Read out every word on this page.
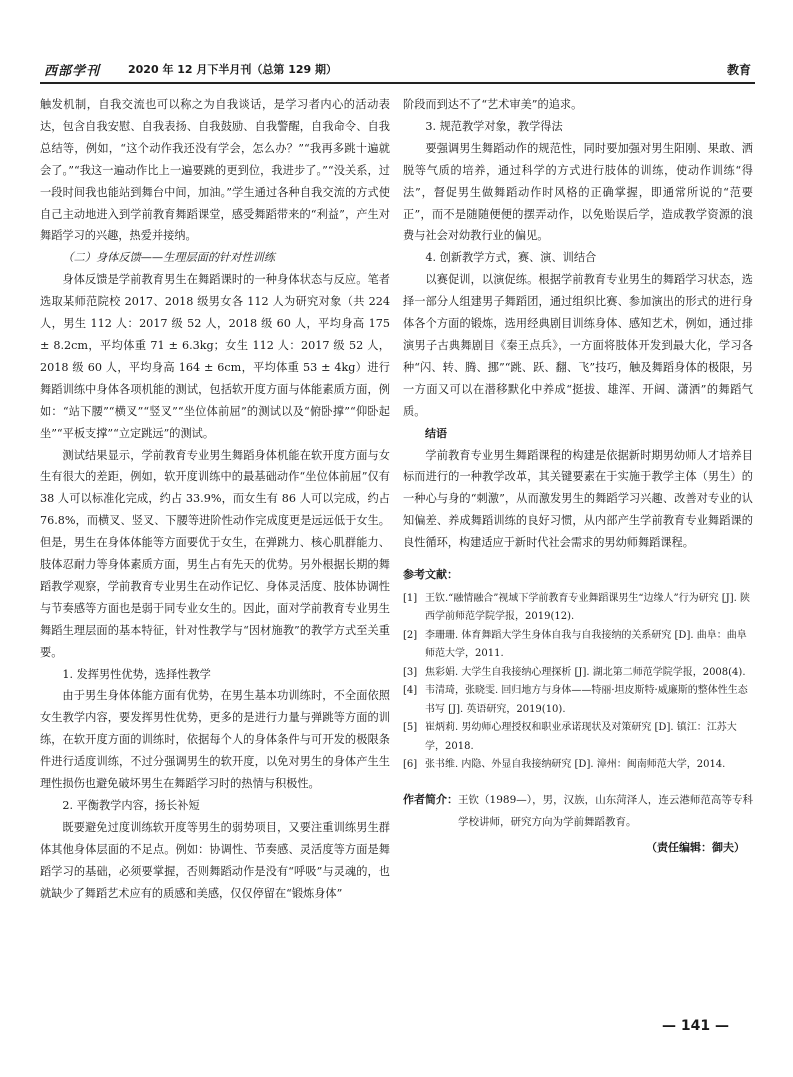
西部学刊	2020 年 12 月下半月刊（总第 129 期）	教育

触发机制，自我交流也可以称之为自我谈话，是学习者内心的活动表达，包含自我安慰、自我表扬、自我鼓励、自我警醒，自我命令、自我总结等，例如，“这个动作我还没有学会，怎么办？”“我再多跳十遍就会了。”“我这一遍动作比上一遍要跳的更到位，我进步了。”“没关系，过一段时间我也能站到舞台中间，加油。”学生通过各种自我交流的方式使自己主动地进入到学前教育舞蹈课堂，感受舞蹈带来的“利益”，产生对舞蹈学习的兴趣，热爱并接纳。

（二）身体反馈——生理层面的针对性训练

身体反馈是学前教育男生在舞蹈课时的一种身体状态与反应。笔者选取某师范院校 2017、2018 级男女各 112 人为研究对象（共 224 人，男生 112 人：2017 级 52 人，2018 级 60 人，平均身高 175 ± 8.2cm，平均体重 71 ± 6.3kg；女生 112 人：2017 级 52 人，2018 级 60 人，平均身高 164 ± 6cm，平均体重 53 ± 4kg）进行舞蹈训练中身体各项机能的测试，包括软开度方面与体能素质方面，例如：“站下腰”“横叉”“竖叉”“坐位体前屈”的测试以及“俯卧撑”“仰卧起坐”“平板支撑”“立定跳远”的测试。

测试结果显示，学前教育专业男生舞蹈身体机能在软开度方面与女生有很大的差距，例如，软开度训练中的最基础动作“坐位体前屈”仅有 38 人可以标准化完成，约占 33.9%，而女生有 86 人可以完成，约占 76.8%，而横叉、竖叉、下腰等进阶性动作完成度更是远远低于女生。但是，男生在身体体能等方面要优于女生，在弹跳力、核心肌群能力、肢体忍耐力等身体素质方面，男生占有先天的优势。另外根据长期的舞蹈教学观察，学前教育专业男生在动作记忆、身体灵活度、肢体协调性与节奏感等方面也是弱于同专业女生的。因此，面对学前教育专业男生舞蹈生理层面的基本特征，针对性教学与“因材施教”的教学方式至关重要。

1. 发挥男性优势，选择性教学

由于男生身体体能方面有优势，在男生基本功训练时，不全面依照女生教学内容，要发挥男性优势，更多的是进行力量与弹跳等方面的训练，在软开度方面的训练时，依据每个人的身体条件与可开发的极限条件进行适度训练，不过分强调男生的软开度，以免对男生的身体产生生理性损伤也避免破坏男生在舞蹈学习时的热情与积极性。

2. 平衡教学内容，扬长补短

既要避免过度训练软开度等男生的弱势项目，又要注重训练男生群体其他身体层面的不足点。例如：协调性、节奏感、灵活度等方面是舞蹈学习的基础，必须要掌握，否则舞蹈动作是没有“呼吸”与灵魂的，也就缺少了舞蹈艺术应有的质感和美感，仅仅停留在“锻炼身体”

阶段而到达不了“艺术审美”的追求。

3. 规范教学对象，教学得法

要强调男生舞蹈动作的规范性，同时要加强对男生阳刚、果敢、洒脱等气质的培养，通过科学的方式进行肢体的训练，使动作训练“得法”，督促男生做舞蹈动作时风格的正确掌握，即通常所说的“范要正”，而不是随随便便的摆弄动作，以免贻误后学，造成教学资源的浪费与社会对幼教行业的偏见。

4. 创新教学方式，赛、演、训结合

以赛促训，以演促练。根据学前教育专业男生的舞蹈学习状态，选择一部分人组建男子舞蹈团，通过组织比赛、参加演出的形式的进行身体各个方面的锻炼，选用经典剧目训练身体、感知艺术，例如，通过排演男子古典舞剧目《秦王点兵》，一方面将肢体开发到最大化，学习各种“闪、转、腾、挪”“跳、跃、翻、飞”技巧，触及舞蹈身体的极限，另一方面又可以在潜移默化中养成“挺拔、雄浑、开阔、潇洒”的舞蹈气质。

结语

学前教育专业男生舞蹈课程的构建是依据新时期男幼师人才培养目标而进行的一种教学改革，其关键要素在于实施于教学主体（男生）的一种心与身的“刺激”，从而激发男生的舞蹈学习兴趣、改善对专业的认知偏差、养成舞蹈训练的良好习惯，从内部产生学前教育专业舞蹈课的良性循环，构建适应于新时代社会需求的男幼师舞蹈课程。

参考文献：
[1] 王钦.“融情融合”视域下学前教育专业舞蹈课男生“边缘人”行为研究 [J]. 陕西学前师范学院学报，2019(12).
[2] 李珊珊. 体育舞蹈大学生身体自我与自我接纳的关系研究 [D]. 曲阜：曲阜师范大学，2011.
[3] 焦彩娟. 大学生自我接纳心理探析 [J]. 湖北第二师范学院学报，2008(4).
[4] 韦清琦，张晓雯. 回归地方与身体——特丽·坦皮斯特·威廉斯的整体性生态书写 [J]. 英语研究，2019(10).
[5] 崔炳莉. 男幼师心理授权和职业承诺现状及对策研究 [D]. 镇江：江苏大学，2018.
[6] 张书维. 内隐、外显自我接纳研究 [D]. 漳州：闽南师范大学，2014.
作者简介： 王钦（1989—），男，汉族，山东菏泽人，连云港师范高等专科学校讲师，研究方向为学前舞蹈教育。
（责任编辑：御夫）
— 141 —
